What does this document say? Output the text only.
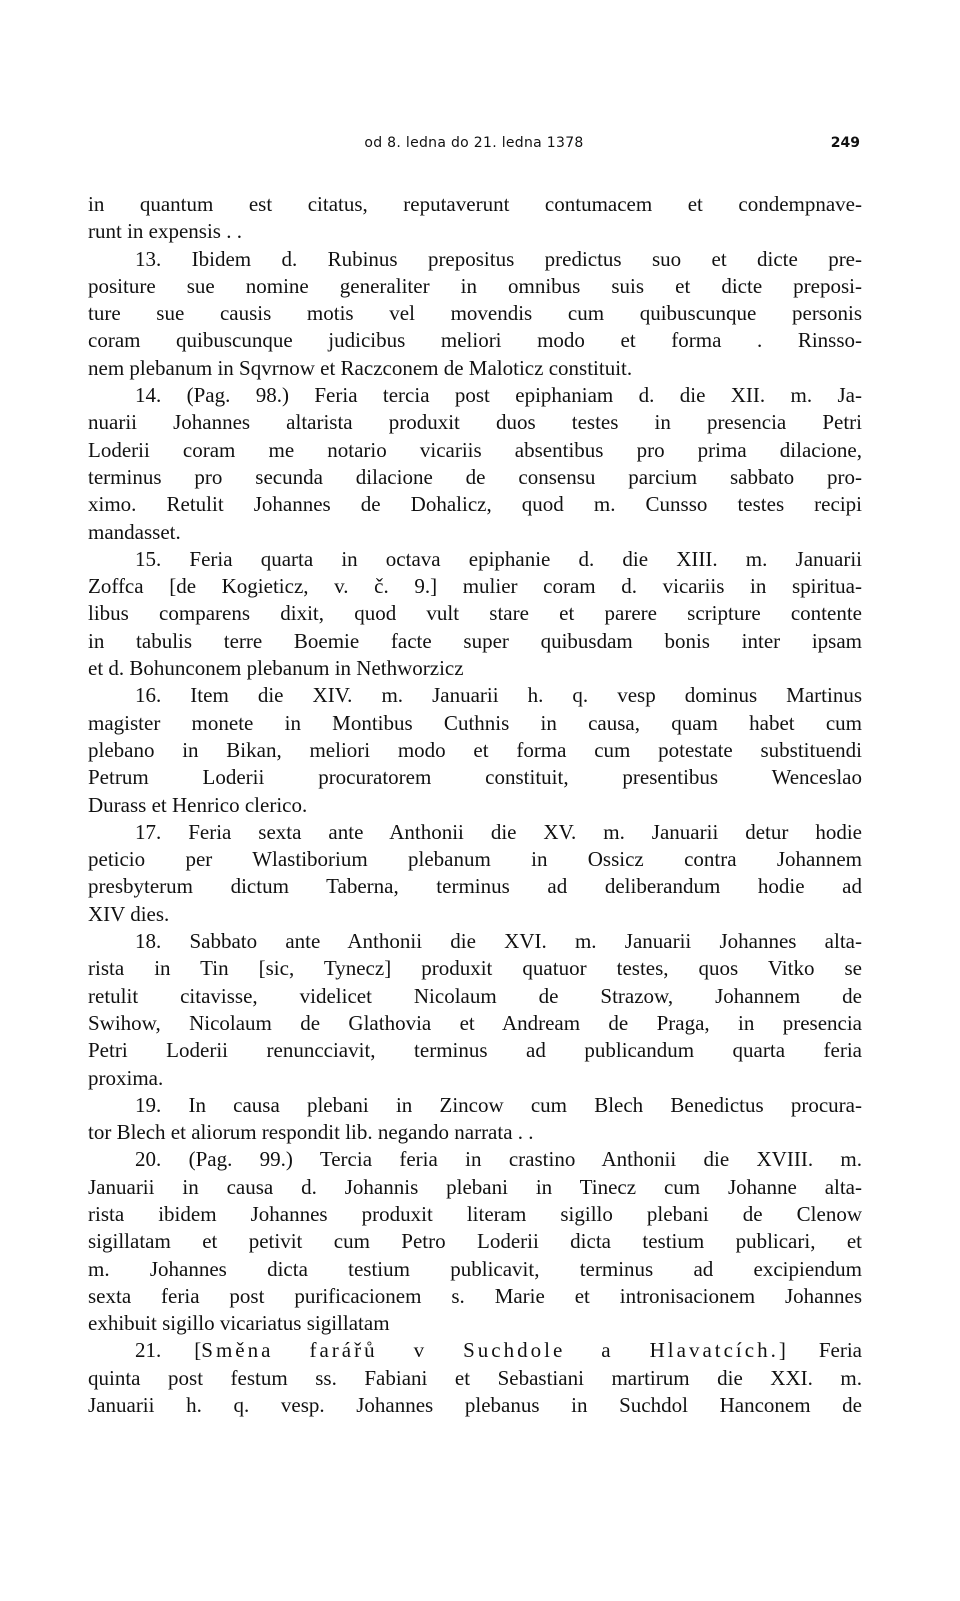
od 8. ledna do 21. ledna 1378	249
in quantum est citatus, reputaverunt contumacem et condempnave-
runt in expensis . .
13. Ibidem d. Rubinus prepositus predictus suo et dicte pre-
positure sue nomine generaliter in omnibus suis et dicte preposi-
ture sue causis motis vel movendis cum quibuscunque personis
coram quibuscunque judicibus meliori modo et forma . Rinsso-
nem plebanum in Sqvrnow et Raczconem de Maloticz constituit.
14. (Pag. 98.) Feria tercia post epiphaniam d. die XII. m. Ja-
nuarii Johannes altarista produxit duos testes in presencia Petri
Loderii coram me notario vicariis absentibus pro prima dilacione,
terminus pro secunda dilacione de consensu parcium sabbato pro-
ximo. Retulit Johannes de Dohalicz, quod m. Cunsso testes recipi
mandasset.
15. Feria quarta in octava epiphanie d. die XIII. m. Januarii
Zoffca [de Kogieticz, v. č. 9.] mulier coram d. vicariis in spiritua-
libus comparens dixit, quod vult stare et parere scripture contente
in tabulis terre Boemie facte super quibusdam bonis inter ipsam
et d. Bohunconem plebanum in Nethworzicz
16. Item die XIV. m. Januarii h. q. vesp dominus Martinus
magister monete in Montibus Cuthnis in causa, quam habet cum
plebano in Bikan, meliori modo et forma cum potestate substituendi
Petrum Loderii procuratorem constituit, presentibus Wenceslao
Durass et Henrico clerico.
17. Feria sexta ante Anthonii die XV. m. Januarii detur hodie
peticio per Wlastiborium plebanum in Ossicz contra Johannem
presbyterum dictum Taberna, terminus ad deliberandum hodie ad
XIV dies.
18. Sabbato ante Anthonii die XVI. m. Januarii Johannes alta-
rista in Tin [sic, Tynecz] produxit quatuor testes, quos Vitko se
retulit citavisse, videlicet Nicolaum de Strazow, Johannem de
Swihow, Nicolaum de Glathovia et Andream de Praga, in presencia
Petri Loderii renuncciavit, terminus ad publicandum quarta feria
proxima.
19. In causa plebani in Zincow cum Blech Benedictus procura-
tor Blech et aliorum respondit lib. negando narrata . .
20. (Pag. 99.) Tercia feria in crastino Anthonii die XVIII. m.
Januarii in causa d. Johannis plebani in Tinecz cum Johanne alta-
rista ibidem Johannes produxit literam sigillo plebani de Clenow
sigillatam et petivit cum Petro Loderii dicta testium publicari, et
m. Johannes dicta testium publicavit, terminus ad excipiendum
sexta feria post purificacionem s. Marie et intronisacionem Johannes
exhibuit sigillo vicariatus sigillatam
21. [Směna farářů v Suchdole a Hlavatcích.] Feria
quinta post festum ss. Fabiani et Sebastiani martirum die XXI. m.
Januarii h. q. vesp. Johannes plebanus in Suchdol Hanconem de
